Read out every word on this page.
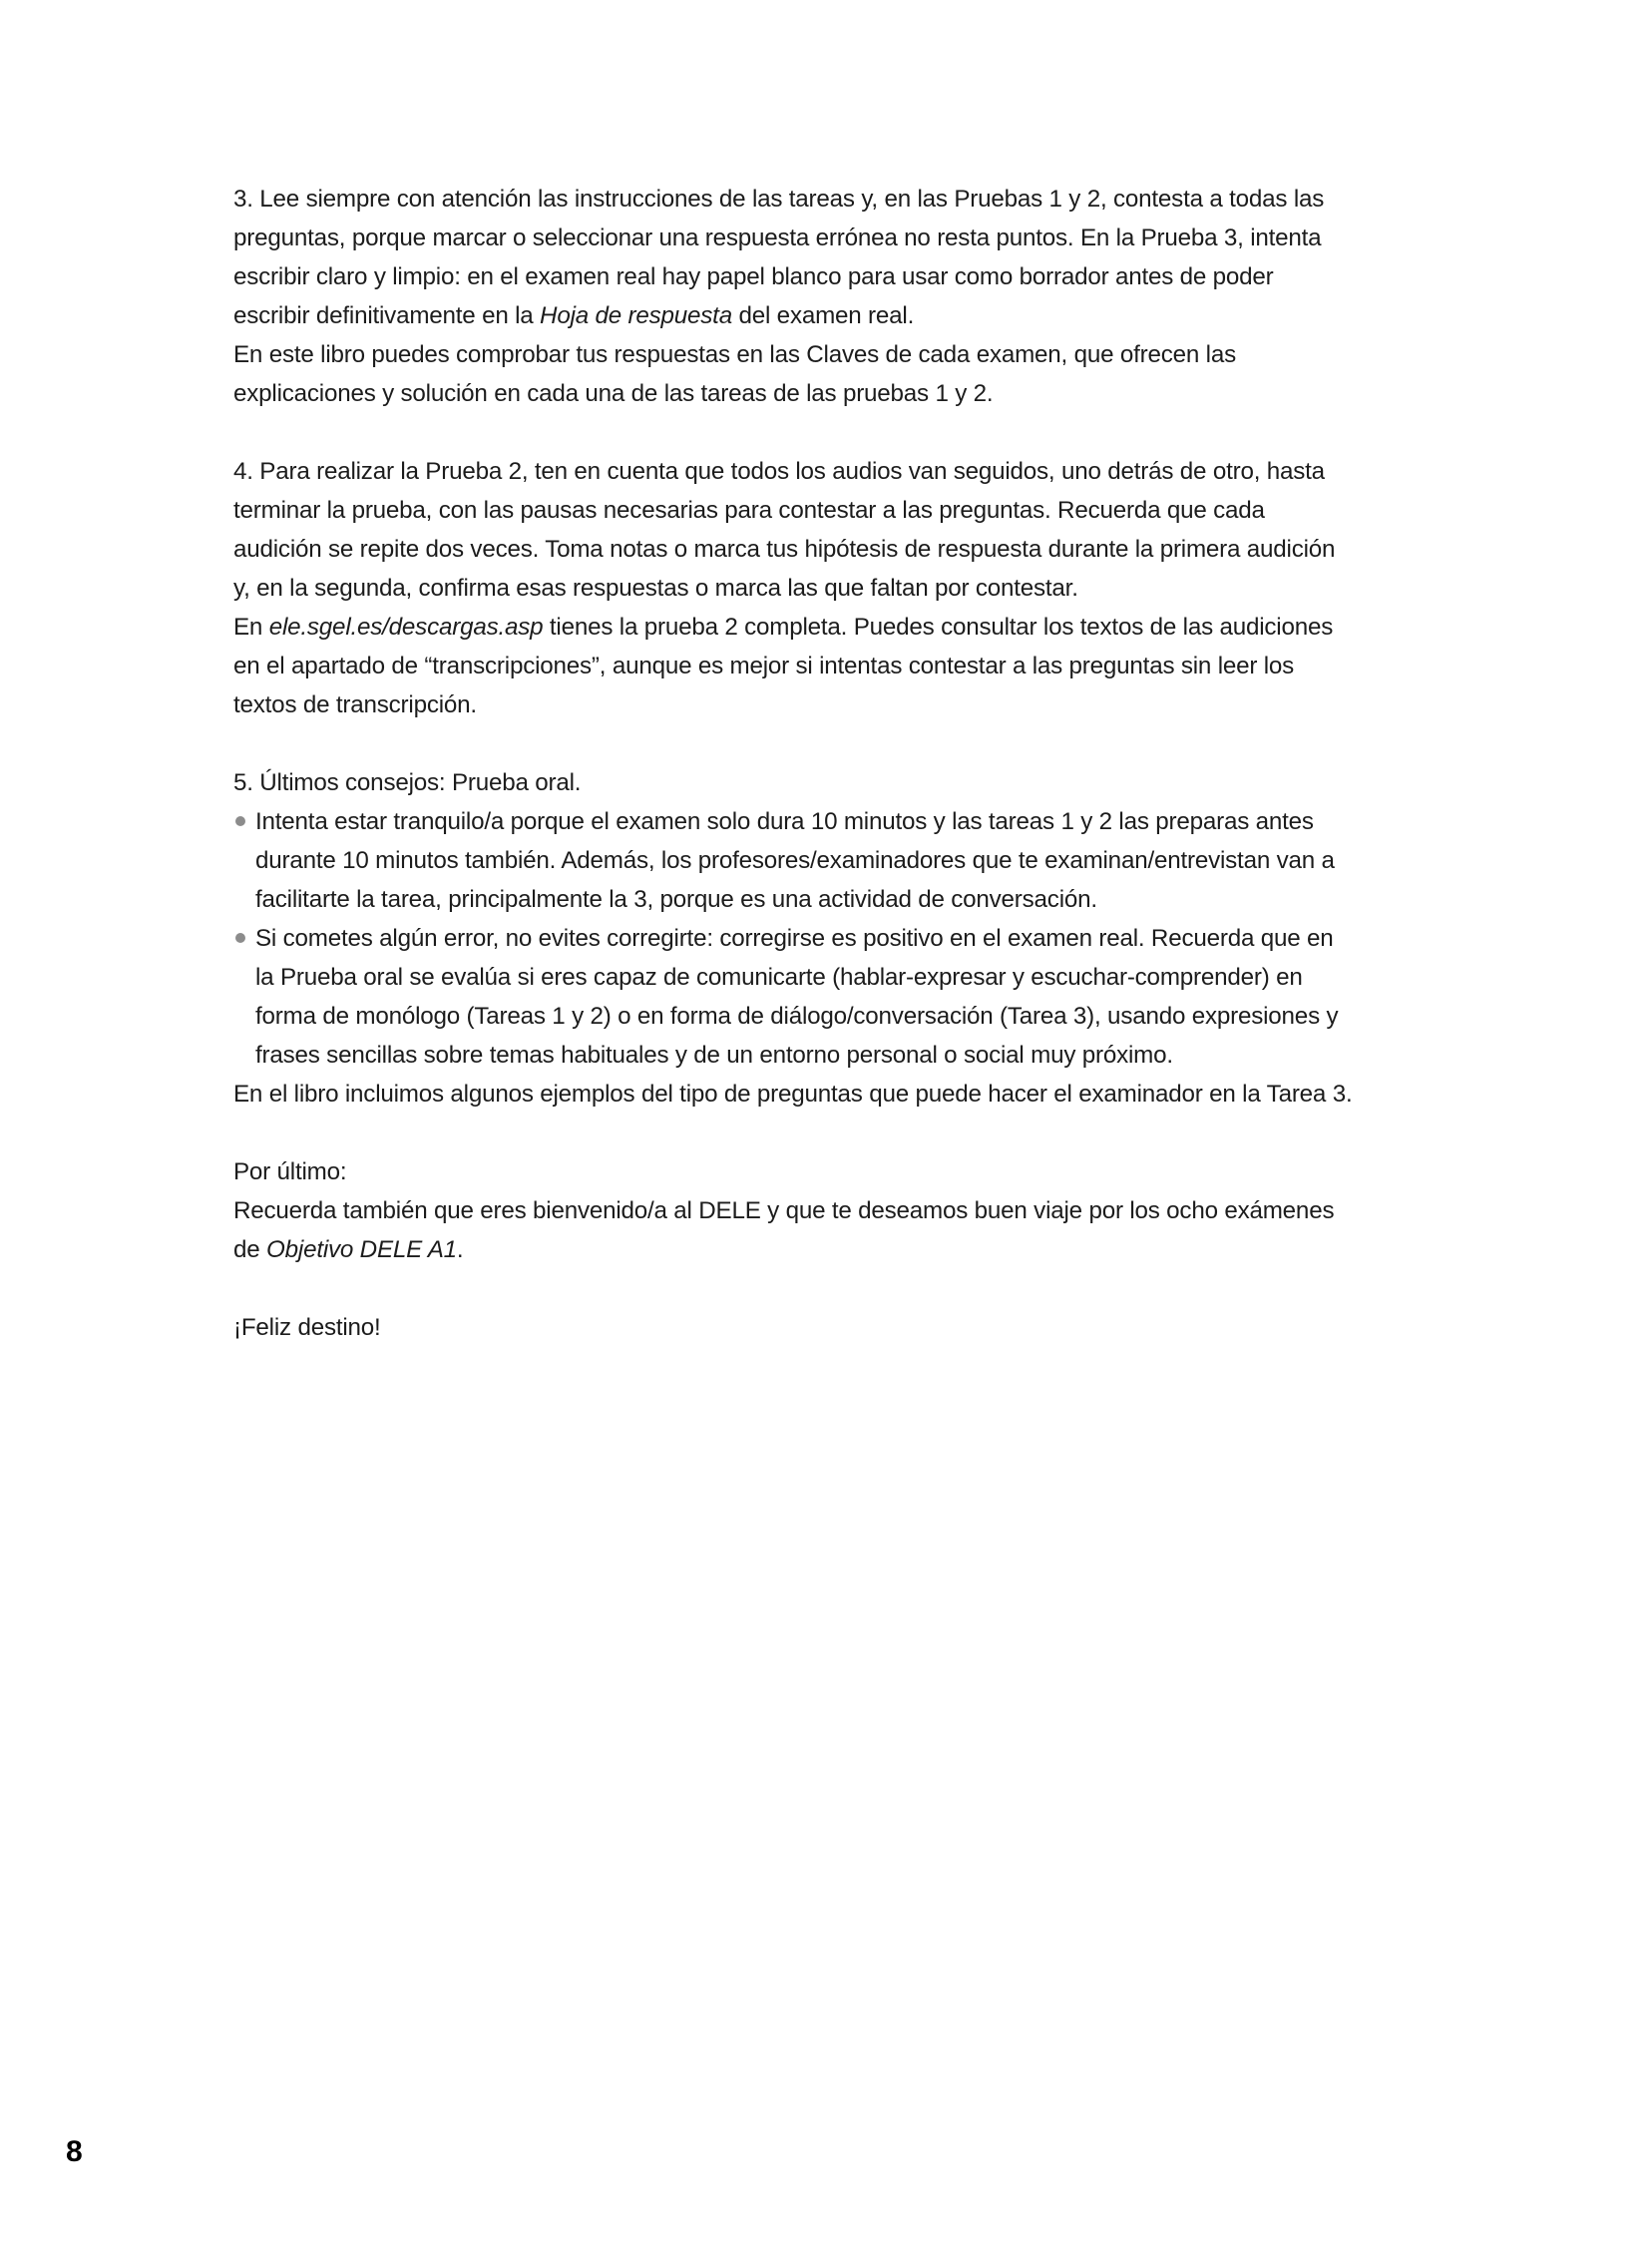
3. Lee siempre con atención las instrucciones de las tareas y, en las Pruebas 1 y 2, contesta a todas las

preguntas, porque marcar o seleccionar una respuesta errónea no resta puntos. En la Prueba 3, intenta

escribir claro y limpio: en el examen real hay papel blanco para usar como borrador antes de poder

escribir definitivamente en la Hoja de respuesta del examen real.

En este libro puedes comprobar tus respuestas en las Claves de cada examen, que ofrecen las

explicaciones y solución en cada una de las tareas de las pruebas 1 y 2.

4. Para realizar la Prueba 2, ten en cuenta que todos los audios van seguidos, uno detrás de otro, hasta

terminar la prueba, con las pausas necesarias para contestar a las preguntas. Recuerda que cada

audición se repite dos veces. Toma notas o marca tus hipótesis de respuesta durante la primera audición

y, en la segunda, confirma esas respuestas o marca las que faltan por contestar.

En ele.sgel.es/descargas.asp tienes la prueba 2 completa. Puedes consultar los textos de las audiciones

en el apartado de “transcripciones”, aunque es mejor si intentas contestar a las preguntas sin leer los

textos de transcripción.

5. Últimos consejos: Prueba oral.

Intenta estar tranquilo/a porque el examen solo dura 10 minutos y las tareas 1 y 2 las preparas antes

durante 10 minutos también. Además, los profesores/examinadores que te examinan/entrevistan van a

facilitarte la tarea, principalmente la 3, porque es una actividad de conversación.

Si cometes algún error, no evites corregirte: corregirse es positivo en el examen real. Recuerda que en

la Prueba oral se evalúa si eres capaz de comunicarte (hablar-expresar y escuchar-comprender) en

forma de monólogo (Tareas 1 y 2) o en forma de diálogo/conversación (Tarea 3), usando expresiones y

frases sencillas sobre temas habituales y de un entorno personal o social muy próximo.

En el libro incluimos algunos ejemplos del tipo de preguntas que puede hacer el examinador en la Tarea 3.

Por último:

Recuerda también que eres bienvenido/a al DELE y que te deseamos buen viaje por los ocho exámenes

de Objetivo DELE A1.

¡Feliz destino!

8
